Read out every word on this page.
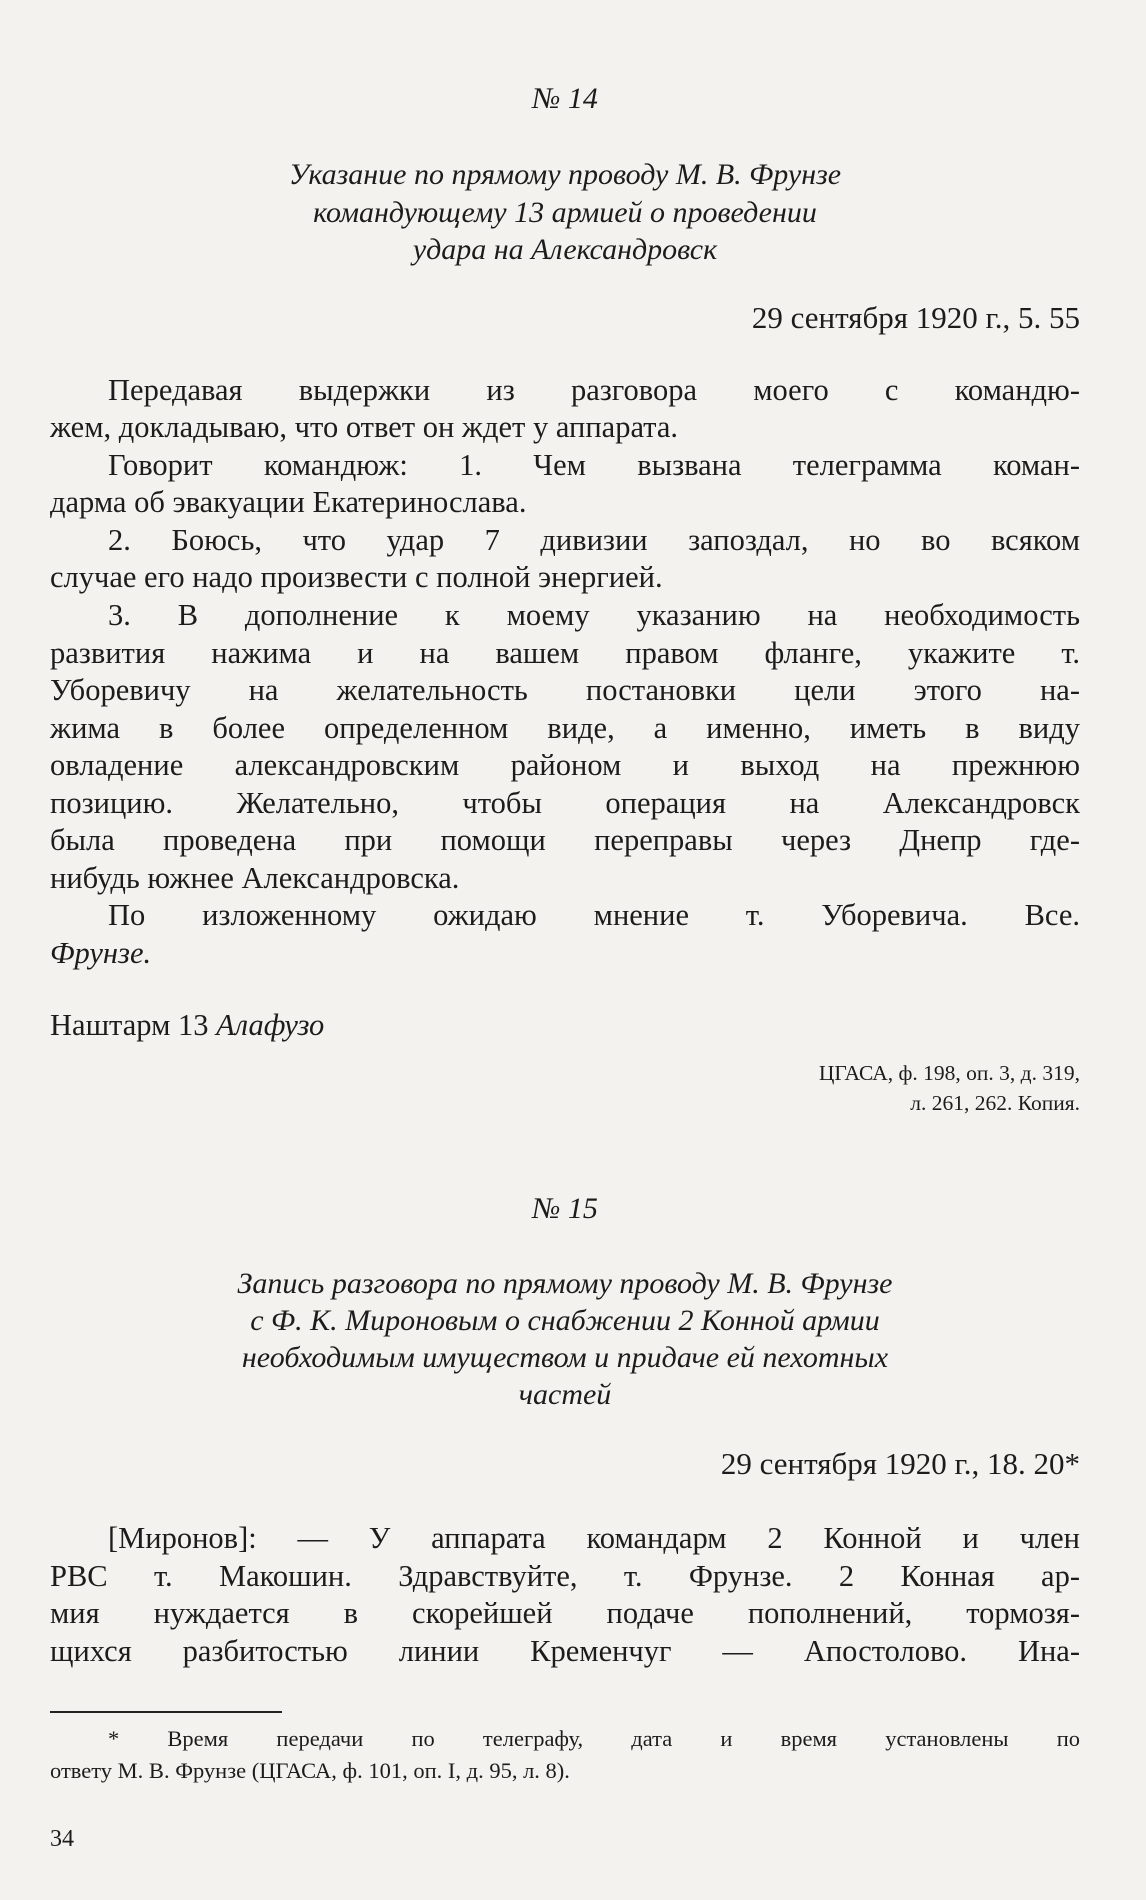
№ 14
Указание по прямому проводу М. В. Фрунзе
командующему 13 армией о проведении
удара на Александровск
29 сентября 1920 г., 5. 55
Передавая выдержки из разговора моего с командю-
жем, докладываю, что ответ он ждет у аппарата.
Говорит командюж: 1. Чем вызвана телеграмма коман-
дарма об эвакуации Екатеринослава.
2. Боюсь, что удар 7 дивизии запоздал, но во всяком
случае его надо произвести с полной энергией.
3. В дополнение к моему указанию на необходимость
развития нажима и на вашем правом фланге, укажите т.
Уборевичу на желательность постановки цели этого на-
жима в более определенном виде, а именно, иметь в виду
овладение александровским районом и выход на прежнюю
позицию. Желательно, чтобы операция на Александровск
была проведена при помощи переправы через Днепр где-
нибудь южнее Александровска.
По изложенному ожидаю мнение т. Уборевича. Все.
Фрунзе.
Наштарм 13 Алафузо
ЦГАСА, ф. 198, оп. 3, д. 319,
л. 261, 262. Копия.
№ 15
Запись разговора по прямому проводу М. В. Фрунзе
с Ф. К. Мироновым о снабжении 2 Конной армии
необходимым имуществом и придаче ей пехотных
частей
29 сентября 1920 г., 18. 20*
[Миронов]: — У аппарата командарм 2 Конной и член
РВС т. Макошин. Здравствуйте, т. Фрунзе. 2 Конная ар-
мия нуждается в скорейшей подаче пополнений, тормозя-
щихся разбитостью линии Кременчуг — Апостолово. Ина-
* Время передачи по телеграфу, дата и время установлены по
ответу М. В. Фрунзе (ЦГАСА, ф. 101, оп. I, д. 95, л. 8).
34
